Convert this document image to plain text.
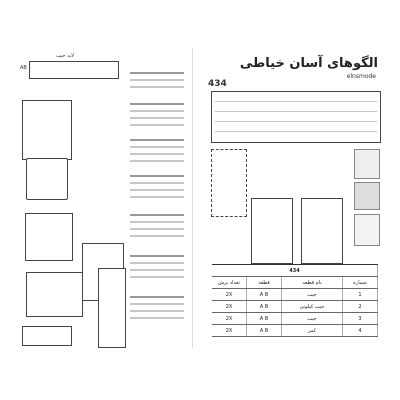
لایه جیب
AB	الگوهای آسان خیاطی
elnsmode
434
434
تعداد برش	قطعه	نام قطعه	شماره
2X	A B	جیب	1
2X	A B	جیب کیلوتی	2
2X	A B	جیب	3
2X	A B	کمر	4
